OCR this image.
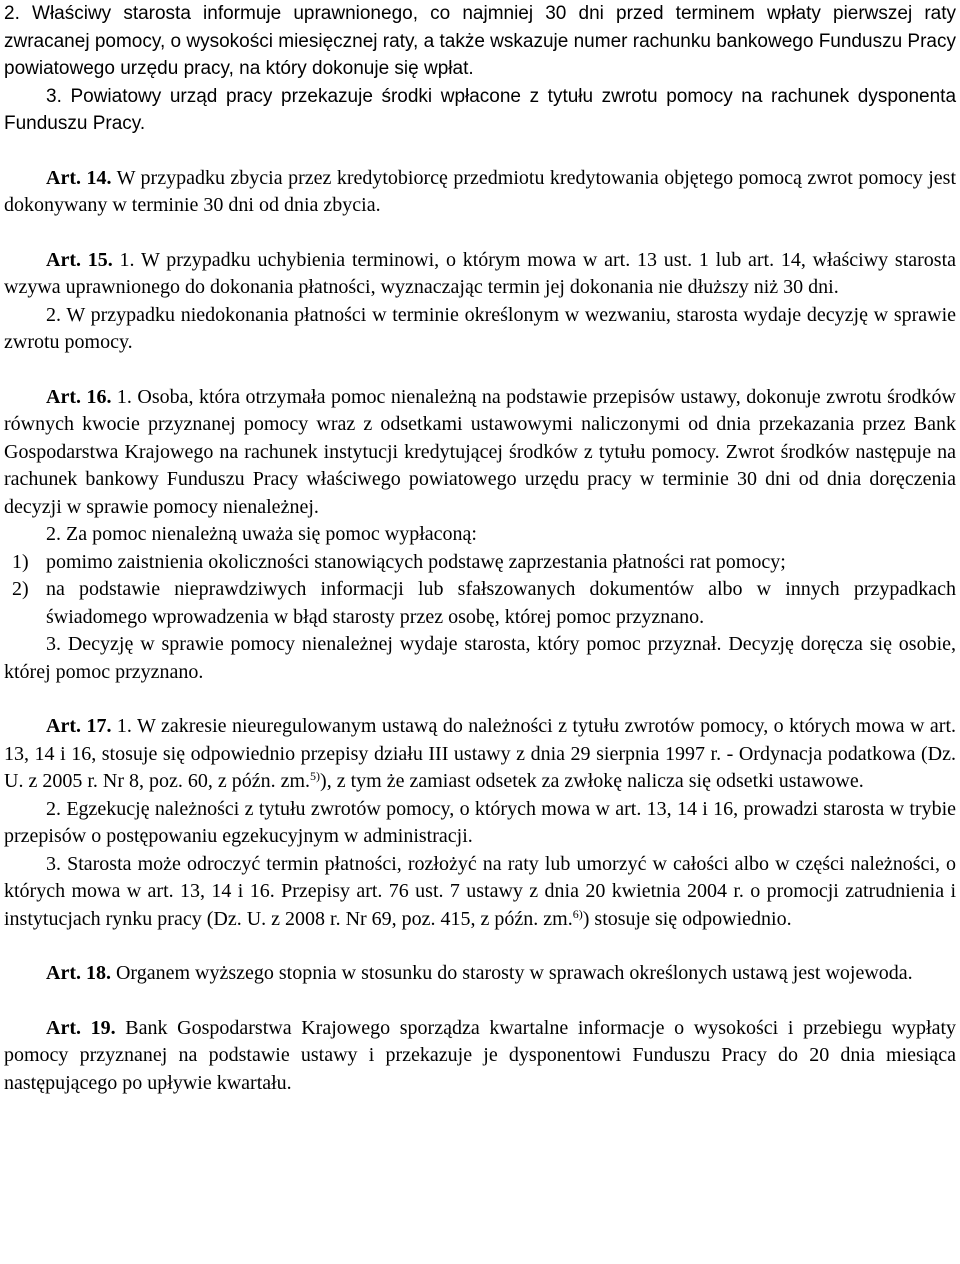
2. Właściwy starosta informuje uprawnionego, co najmniej 30 dni przed terminem wpłaty pierwszej raty zwracanej pomocy, o wysokości miesięcznej raty, a także wskazuje numer rachunku bankowego Funduszu Pracy powiatowego urzędu pracy, na który dokonuje się wpłat.

3. Powiatowy urząd pracy przekazuje środki wpłacone z tytułu zwrotu pomocy na rachunek dysponenta Funduszu Pracy.

Art. 14. W przypadku zbycia przez kredytobiorcę przedmiotu kredytowania objętego pomocą zwrot pomocy jest dokonywany w terminie 30 dni od dnia zbycia.

Art. 15. 1. W przypadku uchybienia terminowi, o którym mowa w art. 13 ust. 1 lub art. 14, właściwy starosta wzywa uprawnionego do dokonania płatności, wyznaczając termin jej dokonania nie dłuższy niż 30 dni.

2. W przypadku niedokonania płatności w terminie określonym w wezwaniu, starosta wydaje decyzję w sprawie zwrotu pomocy.

Art. 16. 1. Osoba, która otrzymała pomoc nienależną na podstawie przepisów ustawy, dokonuje zwrotu środków równych kwocie przyznanej pomocy wraz z odsetkami ustawowymi naliczonymi od dnia przekazania przez Bank Gospodarstwa Krajowego na rachunek instytucji kredytującej środków z tytułu pomocy. Zwrot środków następuje na rachunek bankowy Funduszu Pracy właściwego powiatowego urzędu pracy w terminie 30 dni od dnia doręczenia decyzji w sprawie pomocy nienależnej.

2. Za pomoc nienależną uważa się pomoc wypłaconą:

1) pomimo zaistnienia okoliczności stanowiących podstawę zaprzestania płatności rat pomocy;
2) na podstawie nieprawdziwych informacji lub sfałszowanych dokumentów albo w innych przypadkach świadomego wprowadzenia w błąd starosty przez osobę, której pomoc przyznano.

3. Decyzję w sprawie pomocy nienależnej wydaje starosta, który pomoc przyznał. Decyzję doręcza się osobie, której pomoc przyznano.

Art. 17. 1. W zakresie nieuregulowanym ustawą do należności z tytułu zwrotów pomocy, o których mowa w art. 13, 14 i 16, stosuje się odpowiednio przepisy działu III ustawy z dnia 29 sierpnia 1997 r. - Ordynacja podatkowa (Dz. U. z 2005 r. Nr 8, poz. 60, z późn. zm.$^{5)}$), z tym że zamiast odsetek za zwłokę nalicza się odsetki ustawowe.

2. Egzekucję należności z tytułu zwrotów pomocy, o których mowa w art. 13, 14 i 16, prowadzi starosta w trybie przepisów o postępowaniu egzekucyjnym w administracji.

3. Starosta może odroczyć termin płatności, rozłożyć na raty lub umorzyć w całości albo w części należności, o których mowa w art. 13, 14 i 16. Przepisy art. 76 ust. 7 ustawy z dnia 20 kwietnia 2004 r. o promocji zatrudnienia i instytucjach rynku pracy (Dz. U. z 2008 r. Nr 69, poz. 415, z późn. zm.$^{6)}$) stosuje się odpowiednio.

Art. 18. Organem wyższego stopnia w stosunku do starosty w sprawach określonych ustawą jest wojewoda.

Art. 19. Bank Gospodarstwa Krajowego sporządza kwartalne informacje o wysokości i przebiegu wypłaty pomocy przyznanej na podstawie ustawy i przekazuje je dysponentowi Funduszu Pracy do 20 dnia miesiąca następującego po upływie kwartału.
